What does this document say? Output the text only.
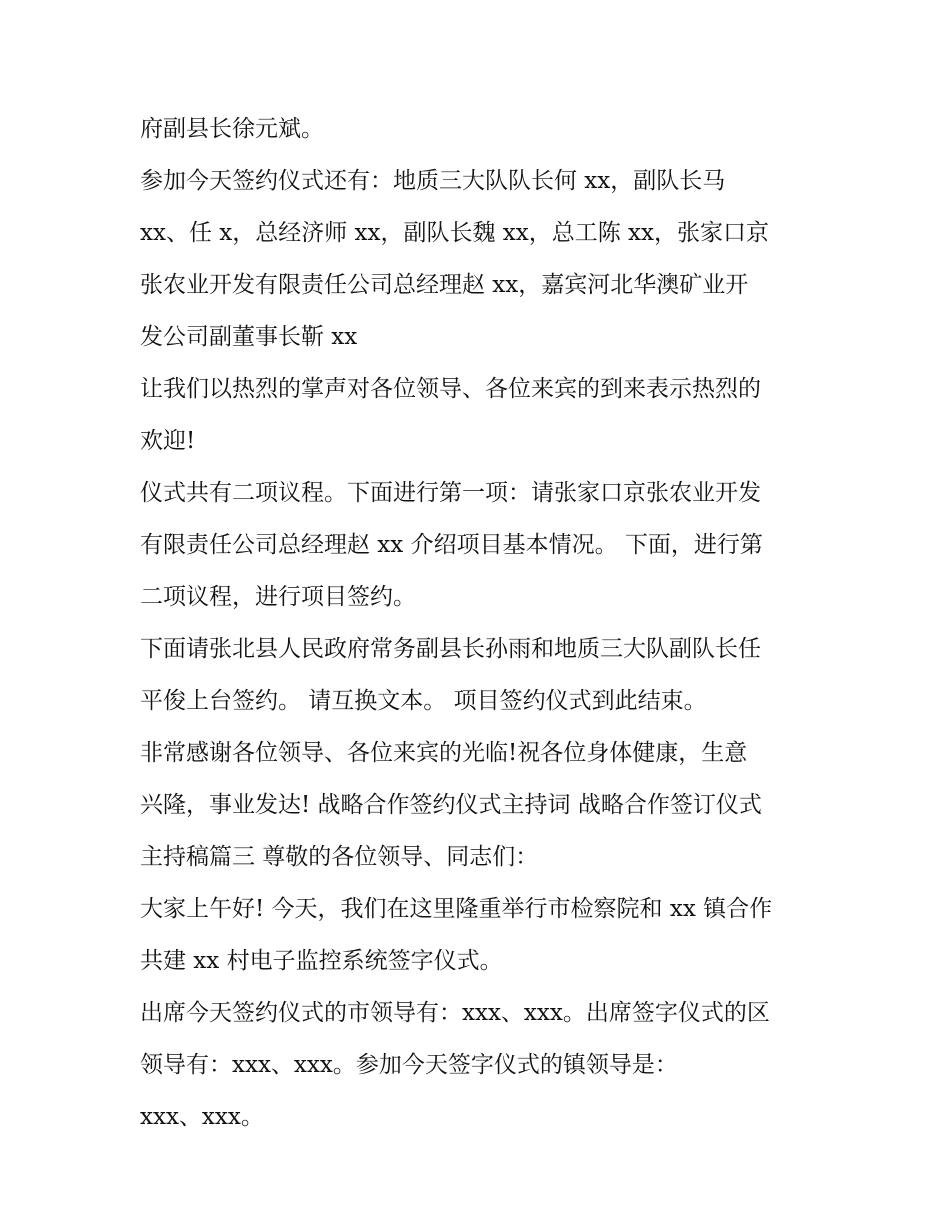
府副县长徐元斌。

参加今天签约仪式还有：地质三大队队长何 xx，副队长马

xx、任 x，总经济师 xx，副队长魏 xx，总工陈 xx，张家口京

张农业开发有限责任公司总经理赵 xx，嘉宾河北华澳矿业开

发公司副董事长靳 xx

让我们以热烈的掌声对各位领导、各位来宾的到来表示热烈的

欢迎!

仪式共有二项议程。下面进行第一项：请张家口京张农业开发

有限责任公司总经理赵 xx 介绍项目基本情况。 下面，进行第

二项议程，进行项目签约。

下面请张北县人民政府常务副县长孙雨和地质三大队副队长任

平俊上台签约。 请互换文本。 项目签约仪式到此结束。

非常感谢各位领导、各位来宾的光临!祝各位身体健康，生意

兴隆，事业发达! 战略合作签约仪式主持词 战略合作签订仪式

主持稿篇三 尊敬的各位领导、同志们：

大家上午好! 今天，我们在这里隆重举行市检察院和 xx 镇合作

共建 xx 村电子监控系统签字仪式。

出席今天签约仪式的市领导有：xxx、xxx。出席签字仪式的区

领导有：xxx、xxx。参加今天签字仪式的镇领导是：

xxx、xxx。
